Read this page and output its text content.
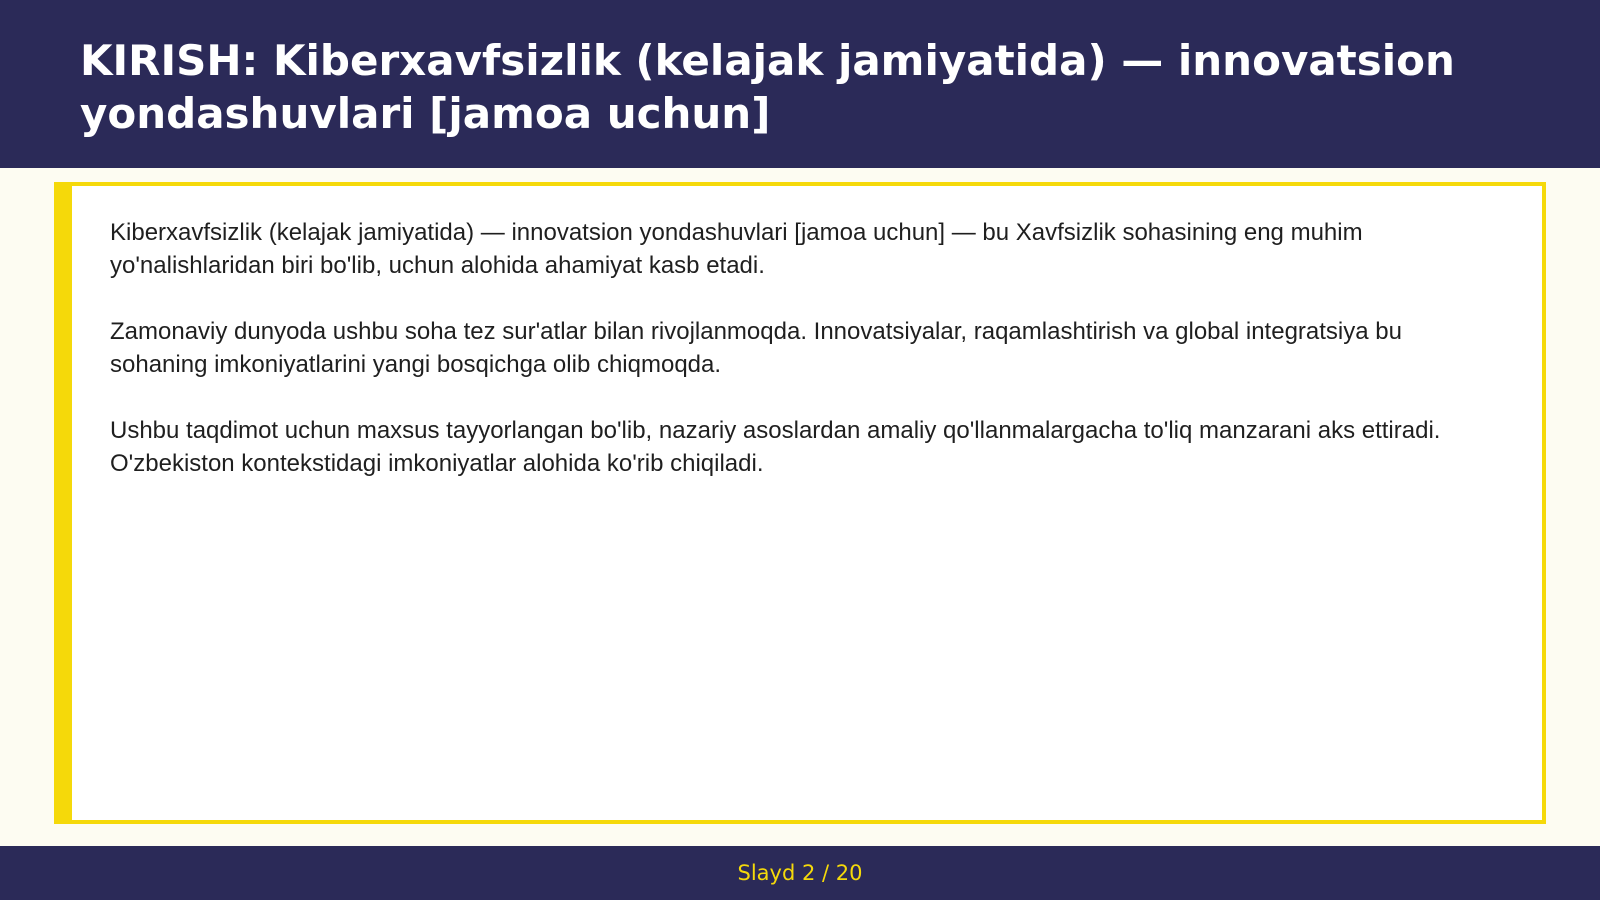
KIRISH: Kiberxavfsizlik (kelajak jamiyatida) — innovatsion yondashuvlari [jamoa uchun]

Kiberxavfsizlik (kelajak jamiyatida) — innovatsion yondashuvlari [jamoa uchun] — bu Xavfsizlik sohasining eng muhim yo'nalishlaridan biri bo'lib, uchun alohida ahamiyat kasb etadi.

Zamonaviy dunyoda ushbu soha tez sur'atlar bilan rivojlanmoqda. Innovatsiyalar, raqamlashtirish va global integratsiya bu sohaning imkoniyatlarini yangi bosqichga olib chiqmoqda.

Ushbu taqdimot uchun maxsus tayyorlangan bo'lib, nazariy asoslardan amaliy qo'llanmalargacha to'liq manzarani aks ettiradi. O'zbekiston kontekstidagi imkoniyatlar alohida ko'rib chiqiladi.

Slayd 2 / 20
